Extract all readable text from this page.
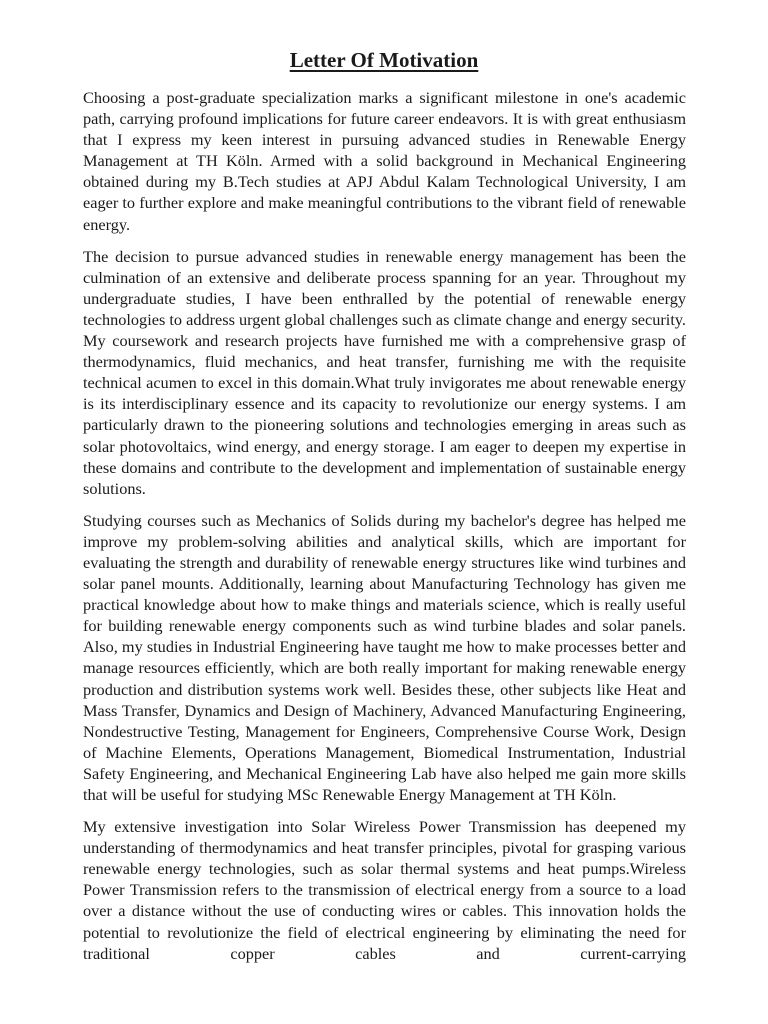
Letter Of Motivation

Choosing a post-graduate specialization marks a significant milestone in one's academic path, carrying profound implications for future career endeavors. It is with great enthusiasm that I express my keen interest in pursuing advanced studies in Renewable Energy Management at TH Köln. Armed with a solid background in Mechanical Engineering obtained during my B.Tech studies at APJ Abdul Kalam Technological University, I am eager to further explore and make meaningful contributions to the vibrant field of renewable energy.

The decision to pursue advanced studies in renewable energy management has been the culmination of an extensive and deliberate process spanning for an year. Throughout my undergraduate studies, I have been enthralled by the potential of renewable energy technologies to address urgent global challenges such as climate change and energy security. My coursework and research projects have furnished me with a comprehensive grasp of thermodynamics, fluid mechanics, and heat transfer, furnishing me with the requisite technical acumen to excel in this domain.What truly invigorates me about renewable energy is its interdisciplinary essence and its capacity to revolutionize our energy systems. I am particularly drawn to the pioneering solutions and technologies emerging in areas such as solar photovoltaics, wind energy, and energy storage. I am eager to deepen my expertise in these domains and contribute to the development and implementation of sustainable energy solutions.

Studying courses such as Mechanics of Solids during my bachelor's degree has helped me improve my problem-solving abilities and analytical skills, which are important for evaluating the strength and durability of renewable energy structures like wind turbines and solar panel mounts. Additionally, learning about Manufacturing Technology has given me practical knowledge about how to make things and materials science, which is really useful for building renewable energy components such as wind turbine blades and solar panels. Also, my studies in Industrial Engineering have taught me how to make processes better and manage resources efficiently, which are both really important for making renewable energy production and distribution systems work well. Besides these, other subjects like Heat and Mass Transfer, Dynamics and Design of Machinery, Advanced Manufacturing Engineering, Nondestructive Testing, Management for Engineers, Comprehensive Course Work, Design of Machine Elements, Operations Management, Biomedical Instrumentation, Industrial Safety Engineering, and Mechanical Engineering Lab have also helped me gain more skills that will be useful for studying MSc Renewable Energy Management at TH Köln.

My extensive investigation into Solar Wireless Power Transmission has deepened my understanding of thermodynamics and heat transfer principles, pivotal for grasping various renewable energy technologies, such as solar thermal systems and heat pumps.Wireless Power Transmission refers to the transmission of electrical energy from a source to a load over a distance without the use of conducting wires or cables. This innovation holds the potential to revolutionize the field of electrical engineering by eliminating the need for traditional copper cables and current-carrying
